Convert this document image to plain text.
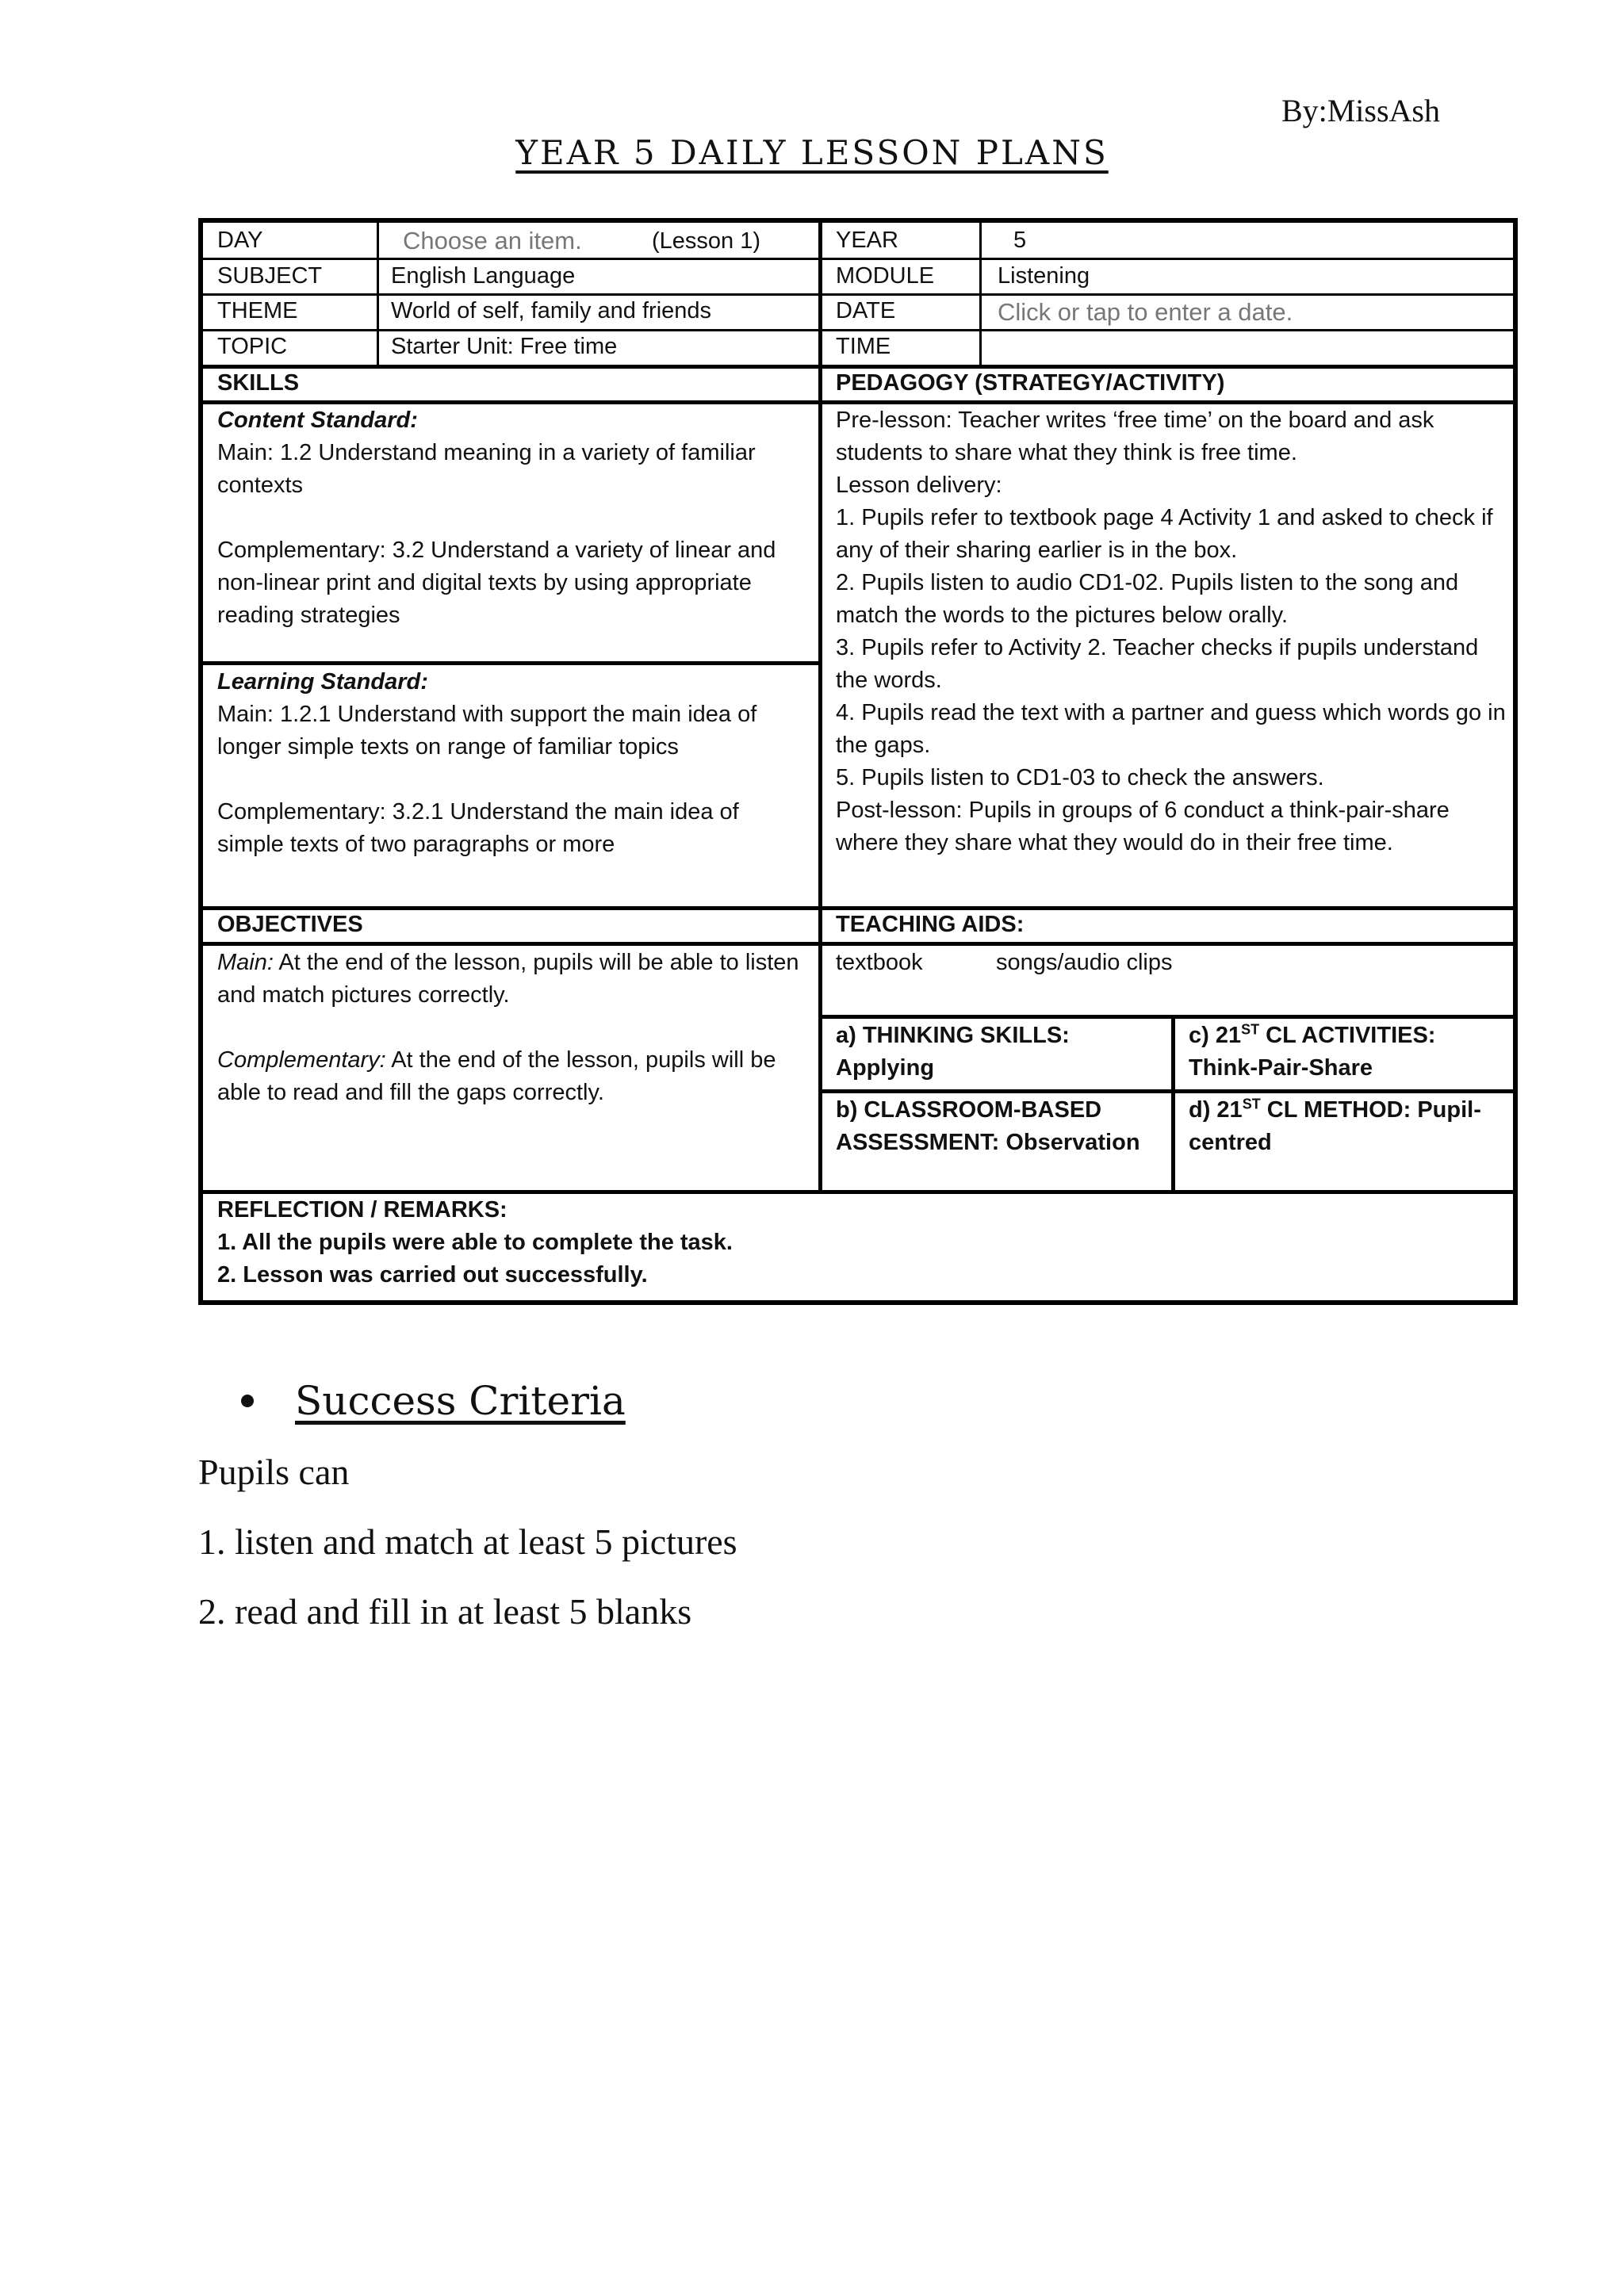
By:MissAsh
YEAR 5 DAILY LESSON PLANS
DAY	Choose an item.	(Lesson 1)	YEAR	5
SUBJECT	English Language	MODULE	Listening
THEME	World of self, family and friends	DATE	Click or tap to enter a date.
TOPIC	Starter Unit: Free time	TIME
SKILLS	PEDAGOGY (STRATEGY/ACTIVITY)
Content Standard:
Main: 1.2 Understand meaning in a variety of familiar contexts
Complementary: 3.2 Understand a variety of linear and non-linear print and digital texts by using appropriate reading strategies
Learning Standard:
Main: 1.2.1 Understand with support the main idea of longer simple texts on range of familiar topics
Complementary: 3.2.1 Understand the main idea of simple texts of two paragraphs or more
Pre-lesson: Teacher writes ‘free time’ on the board and ask students to share what they think is free time.
Lesson delivery:
1. Pupils refer to textbook page 4 Activity 1 and asked to check if any of their sharing earlier is in the box.
2. Pupils listen to audio CD1-02. Pupils listen to the song and match the words to the pictures below orally.
3. Pupils refer to Activity 2. Teacher checks if pupils understand the words.
4. Pupils read the text with a partner and guess which words go in the gaps.
5. Pupils listen to CD1-03 to check the answers.
Post-lesson: Pupils in groups of 6 conduct a think-pair-share where they share what they would do in their free time.
OBJECTIVES	TEACHING AIDS:
Main: At the end of the lesson, pupils will be able to listen and match pictures correctly.
Complementary: At the end of the lesson, pupils will be able to read and fill the gaps correctly.
textbook	songs/audio clips
a) THINKING SKILLS:
Applying
c) 21ST CL ACTIVITIES:
Think-Pair-Share
b) CLASSROOM-BASED
ASSESSMENT: Observation
d) 21ST CL METHOD: Pupil-
centred
REFLECTION / REMARKS:
1. All the pupils were able to complete the task.
2. Lesson was carried out successfully.
Success Criteria
Pupils can
1. listen and match at least 5 pictures
2. read and fill in at least 5 blanks
